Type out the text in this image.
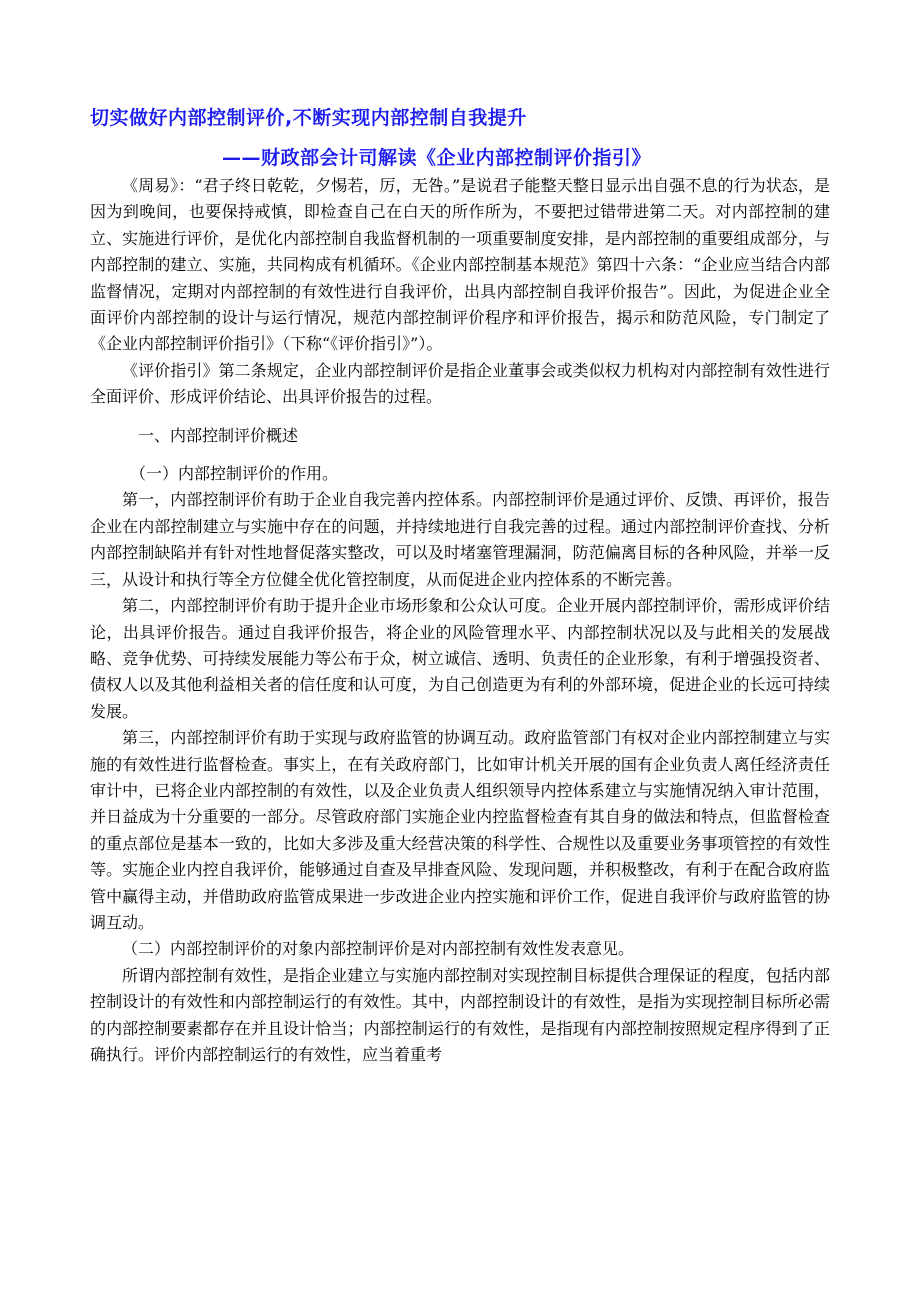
切实做好内部控制评价,不断实现内部控制自我提升
——财政部会计司解读《企业内部控制评价指引》

《周易》：“君子终日乾乾，夕惕若，厉，无咎。”是说君子能整天整日显示出自强不息的行为状态，是因为到晚间，也要保持戒慎，即检查自己在白天的所作所为，不要把过错带进第二天。对内部控制的建立、实施进行评价，是优化内部控制自我监督机制的一项重要制度安排，是内部控制的重要组成部分，与内部控制的建立、实施，共同构成有机循环。《企业内部控制基本规范》第四十六条：“企业应当结合内部监督情况，定期对内部控制的有效性进行自我评价，出具内部控制自我评价报告”。因此，为促进企业全面评价内部控制的设计与运行情况，规范内部控制评价程序和评价报告，揭示和防范风险，专门制定了《企业内部控制评价指引》（下称“《评价指引》”）。

《评价指引》第二条规定，企业内部控制评价是指企业董事会或类似权力机构对内部控制有效性进行全面评价、形成评价结论、出具评价报告的过程。

一、内部控制评价概述

（一）内部控制评价的作用。

第一，内部控制评价有助于企业自我完善内控体系。内部控制评价是通过评价、反馈、再评价，报告企业在内部控制建立与实施中存在的问题，并持续地进行自我完善的过程。通过内部控制评价查找、分析内部控制缺陷并有针对性地督促落实整改，可以及时堵塞管理漏洞，防范偏离目标的各种风险，并举一反三，从设计和执行等全方位健全优化管控制度，从而促进企业内控体系的不断完善。

第二，内部控制评价有助于提升企业市场形象和公众认可度。企业开展内部控制评价，需形成评价结论，出具评价报告。通过自我评价报告，将企业的风险管理水平、内部控制状况以及与此相关的发展战略、竞争优势、可持续发展能力等公布于众，树立诚信、透明、负责任的企业形象，有利于增强投资者、债权人以及其他利益相关者的信任度和认可度，为自己创造更为有利的外部环境，促进企业的长远可持续发展。

第三，内部控制评价有助于实现与政府监管的协调互动。政府监管部门有权对企业内部控制建立与实施的有效性进行监督检查。事实上，在有关政府部门，比如审计机关开展的国有企业负责人离任经济责任审计中，已将企业内部控制的有效性，以及企业负责人组织领导内控体系建立与实施情况纳入审计范围，并日益成为十分重要的一部分。尽管政府部门实施企业内控监督检查有其自身的做法和特点，但监督检查的重点部位是基本一致的，比如大多涉及重大经营决策的科学性、合规性以及重要业务事项管控的有效性等。实施企业内控自我评价，能够通过自查及早排查风险、发现问题，并积极整改，有利于在配合政府监管中赢得主动，并借助政府监管成果进一步改进企业内控实施和评价工作，促进自我评价与政府监管的协调互动。

（二）内部控制评价的对象内部控制评价是对内部控制有效性发表意见。

所谓内部控制有效性，是指企业建立与实施内部控制对实现控制目标提供合理保证的程度，包括内部控制设计的有效性和内部控制运行的有效性。其中，内部控制设计的有效性，是指为实现控制目标所必需的内部控制要素都存在并且设计恰当；内部控制运行的有效性，是指现有内部控制按照规定程序得到了正确执行。评价内部控制运行的有效性，应当着重考
